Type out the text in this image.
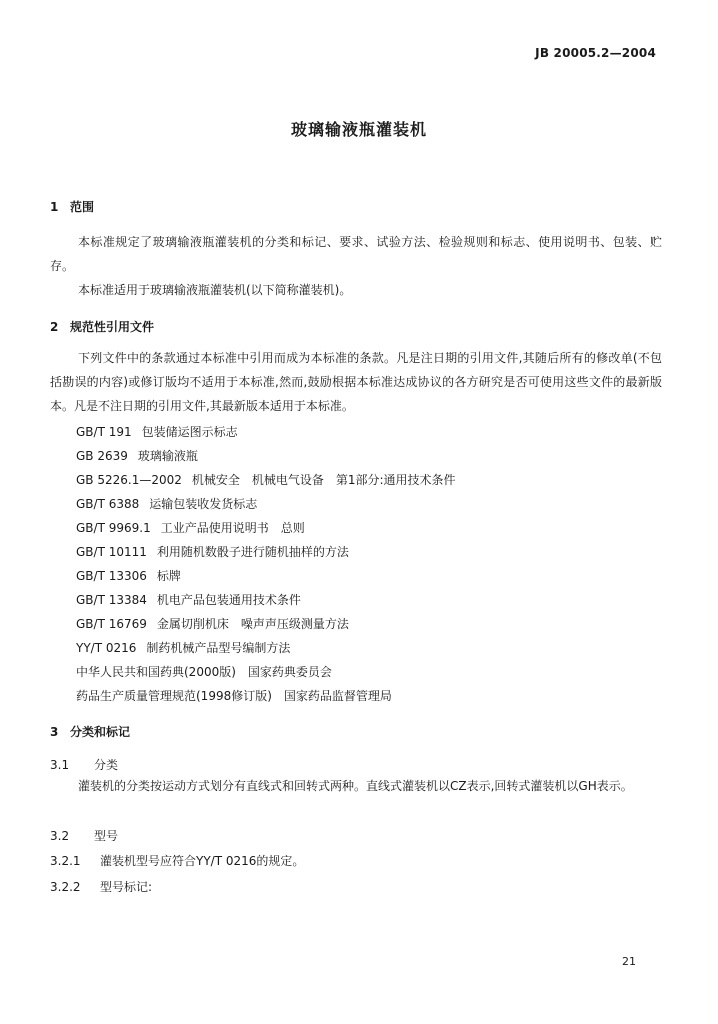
JB 20005.2—2004
玻璃输液瓶灌装机
1 范围
本标准规定了玻璃输液瓶灌装机的分类和标记、要求、试验方法、检验规则和标志、使用说明书、包装、贮存。
本标准适用于玻璃输液瓶灌装机(以下简称灌装机)。
2 规范性引用文件
下列文件中的条款通过本标准中引用而成为本标准的条款。凡是注日期的引用文件,其随后所有的修改单(不包括勘误的内容)或修订版均不适用于本标准,然而,鼓励根据本标准达成协议的各方研究是否可使用这些文件的最新版本。凡是不注日期的引用文件,其最新版本适用于本标准。
GB/T 191 包装储运图示标志
GB 2639 玻璃输液瓶
GB 5226.1—2002 机械安全　机械电气设备　第1部分:通用技术条件
GB/T 6388 运输包装收发货标志
GB/T 9969.1 工业产品使用说明书　总则
GB/T 10111 利用随机数骰子进行随机抽样的方法
GB/T 13306 标牌
GB/T 13384 机电产品包装通用技术条件
GB/T 16769 金属切削机床　噪声声压级测量方法
YY/T 0216 制药机械产品型号编制方法
中华人民共和国药典(2000版)　国家药典委员会
药品生产质量管理规范(1998修订版)　国家药品监督管理局
3 分类和标记
3.1 分类
灌装机的分类按运动方式划分有直线式和回转式两种。直线式灌装机以CZ表示,回转式灌装机以GH表示。
3.2 型号
3.2.1 灌装机型号应符合YY/T 0216的规定。
3.2.2 型号标记:
21
